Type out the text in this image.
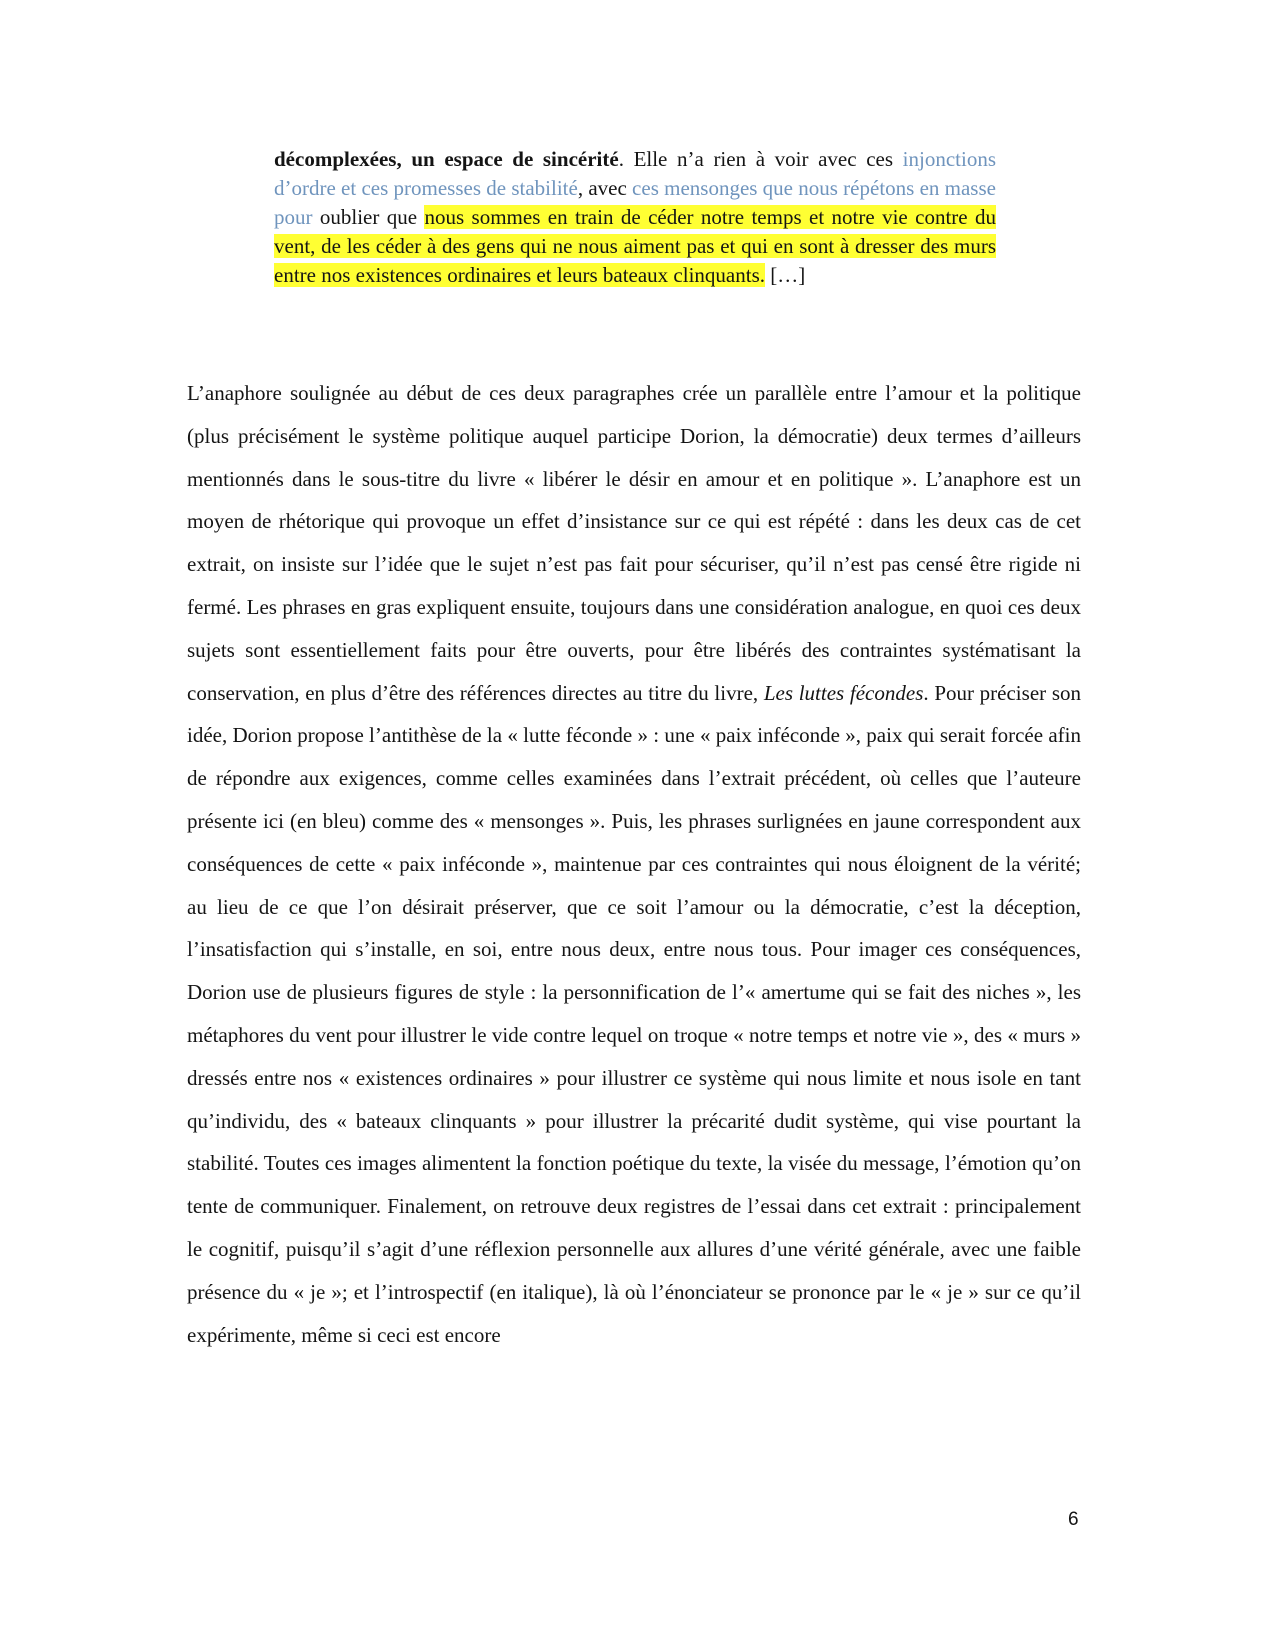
décomplexées, un espace de sincérité. Elle n’a rien à voir avec ces injonctions d’ordre et ces promesses de stabilité, avec ces mensonges que nous répétons en masse pour oublier que nous sommes en train de céder notre temps et notre vie contre du vent, de les céder à des gens qui ne nous aiment pas et qui en sont à dresser des murs entre nos existences ordinaires et leurs bateaux clinquants. […]

L’anaphore soulignée au début de ces deux paragraphes crée un parallèle entre l’amour et la politique (plus précisément le système politique auquel participe Dorion, la démocratie) deux termes d’ailleurs mentionnés dans le sous-titre du livre « libérer le désir en amour et en politique ». L’anaphore est un moyen de rhétorique qui provoque un effet d’insistance sur ce qui est répété : dans les deux cas de cet extrait, on insiste sur l’idée que le sujet n’est pas fait pour sécuriser, qu’il n’est pas censé être rigide ni fermé. Les phrases en gras expliquent ensuite, toujours dans une considération analogue, en quoi ces deux sujets sont essentiellement faits pour être ouverts, pour être libérés des contraintes systématisant la conservation, en plus d’être des références directes au titre du livre, Les luttes fécondes. Pour préciser son idée, Dorion propose l’antithèse de la « lutte féconde » : une « paix inféconde », paix qui serait forcée afin de répondre aux exigences, comme celles examinées dans l’extrait précédent, où celles que l’auteure présente ici (en bleu) comme des « mensonges ». Puis, les phrases surlignées en jaune correspondent aux conséquences de cette « paix inféconde », maintenue par ces contraintes qui nous éloignent de la vérité; au lieu de ce que l’on désirait préserver, que ce soit l’amour ou la démocratie, c’est la déception, l’insatisfaction qui s’installe, en soi, entre nous deux, entre nous tous. Pour imager ces conséquences, Dorion use de plusieurs figures de style : la personnification de l’« amertume qui se fait des niches », les métaphores du vent pour illustrer le vide contre lequel on troque « notre temps et notre vie », des « murs » dressés entre nos « existences ordinaires » pour illustrer ce système qui nous limite et nous isole en tant qu’individu, des « bateaux clinquants » pour illustrer la précarité dudit système, qui vise pourtant la stabilité. Toutes ces images alimentent la fonction poétique du texte, la visée du message, l’émotion qu’on tente de communiquer. Finalement, on retrouve deux registres de l’essai dans cet extrait : principalement le cognitif, puisqu’il s’agit d’une réflexion personnelle aux allures d’une vérité générale, avec une faible présence du « je »; et l’introspectif (en italique), là où l’énonciateur se prononce par le « je » sur ce qu’il expérimente, même si ceci est encore

6
